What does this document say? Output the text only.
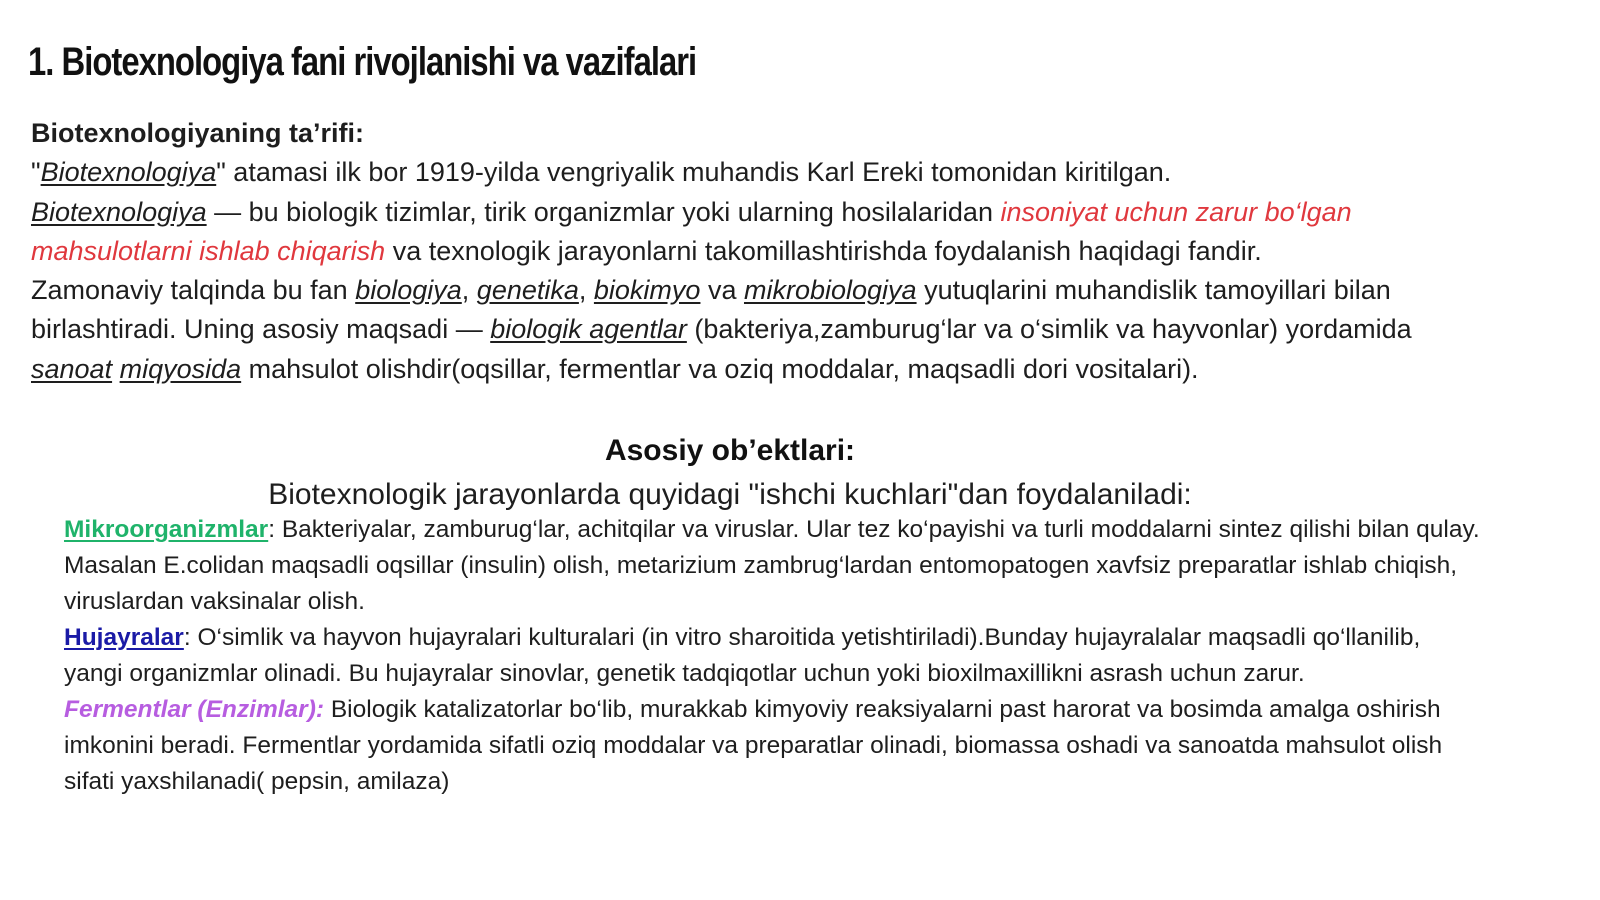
1. Biotexnologiya fani rivojlanishi va vazifalari

Biotexnologiyaning ta’rifi:

"Biotexnologiya" atamasi ilk bor 1919-yilda vengriyalik muhandis Karl Ereki tomonidan kiritilgan.

Biotexnologiya — bu biologik tizimlar, tirik organizmlar yoki ularning hosilalaridan insoniyat uchun zarur bo‘lgan mahsulotlarni ishlab chiqarish va texnologik jarayonlarni takomillashtirishda foydalanish haqidagi fandir.

Zamonaviy talqinda bu fan biologiya, genetika, biokimyo va mikrobiologiya yutuqlarini muhandislik tamoyillari bilan birlashtiradi. Uning asosiy maqsadi — biologik agentlar (bakteriya,zamburug‘lar va o‘simlik va hayvonlar) yordamida sanoat miqyosida mahsulot olishdir(oqsillar, fermentlar va oziq moddalar, maqsadli dori vositalari).

Asosiy ob’ektlari:

Biotexnologik jarayonlarda quyidagi "ishchi kuchlari"dan foydalaniladi:

Mikroorganizmlar: Bakteriyalar, zamburug‘lar, achitqilar va viruslar. Ular tez ko‘payishi va turli moddalarni sintez qilishi bilan qulay. Masalan E.colidan maqsadli oqsillar (insulin) olish, metarizium zambrug‘lardan entomopatogen xavfsiz preparatlar ishlab chiqish, viruslardan vaksinalar olish.

Hujayralar: O‘simlik va hayvon hujayralari kulturalari (in vitro sharoitida yetishtiriladi).Bunday hujayralalar maqsadli qo‘llanilib, yangi organizmlar olinadi. Bu hujayralar sinovlar, genetik tadqiqotlar uchun yoki bioxilmaxillikni asrash uchun zarur.

Fermentlar (Enzimlar): Biologik katalizatorlar bo‘lib, murakkab kimyoviy reaksiyalarni past harorat va bosimda amalga oshirish imkonini beradi. Fermentlar yordamida sifatli oziq moddalar va preparatlar olinadi, biomassa oshadi va sanoatda mahsulot olish sifati yaxshilanadi( pepsin, amilaza)
